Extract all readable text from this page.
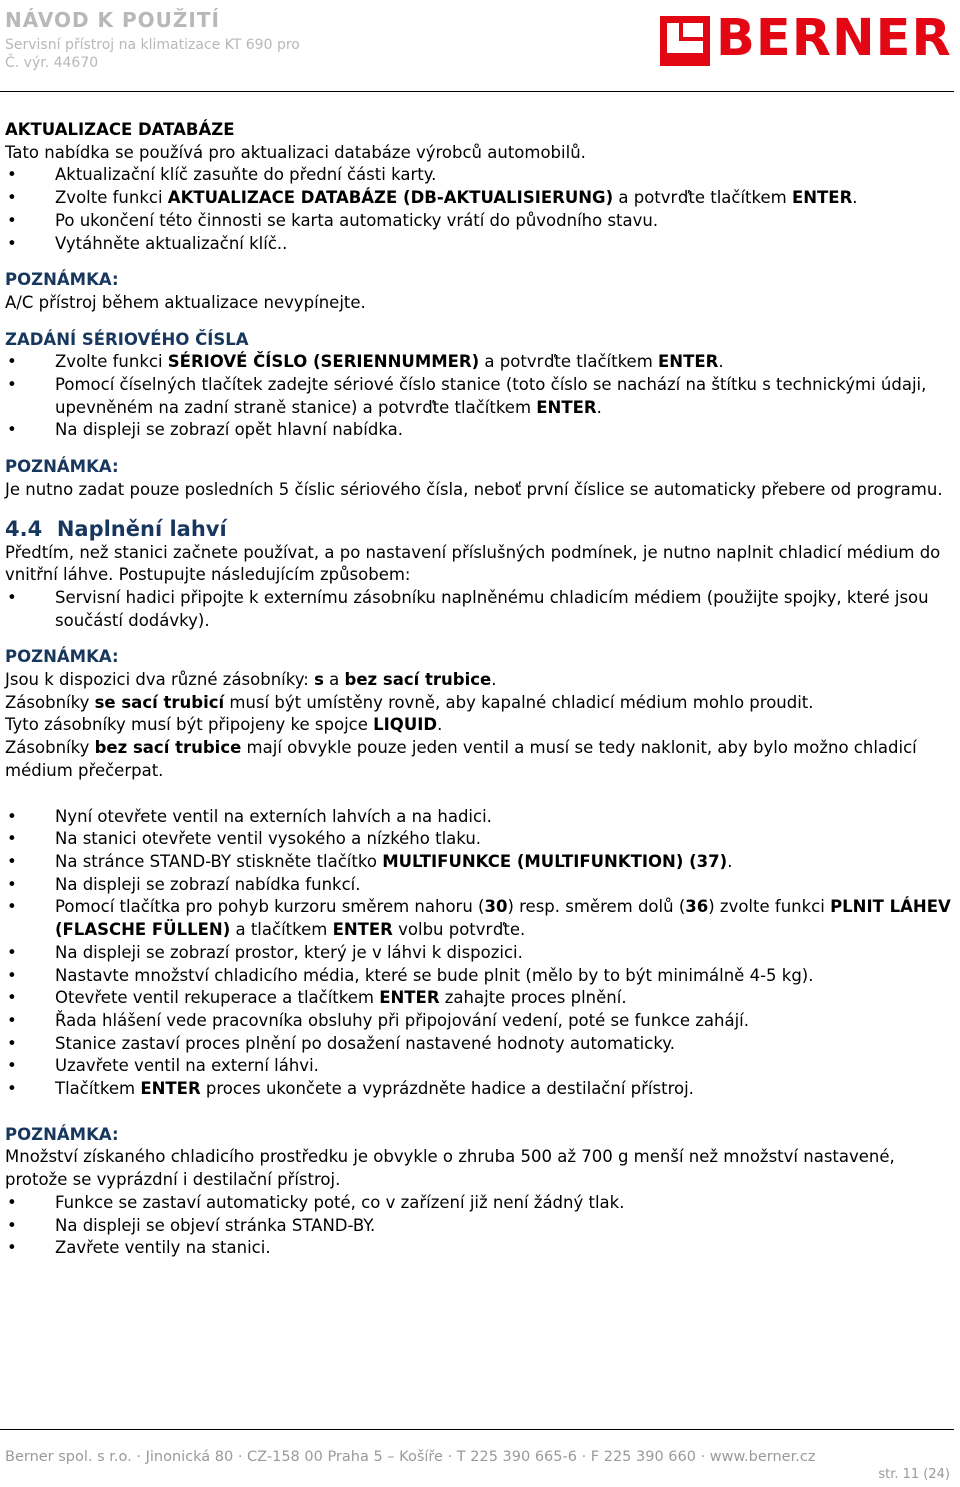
NÁVOD K POUŽITÍ
Servisní přístroj na klimatizace KT 690 pro
Č. výr. 44670	BERNER

AKTUALIZACE DATABÁZE

Tato nabídka se používá pro aktualizaci databáze výrobců automobilů.

• Aktualizační klíč zasuňte do přední části karty.
• Zvolte funkci AKTUALIZACE DATABÁZE (DB-AKTUALISIERUNG) a potvrďte tlačítkem ENTER.
• Po ukončení této činnosti se karta automaticky vrátí do původního stavu.
• Vytáhněte aktualizační klíč..

POZNÁMKA:

A/C přístroj během aktualizace nevypínejte.

ZADÁNÍ SÉRIOVÉHO ČÍSLA

• Zvolte funkci SÉRIOVÉ ČÍSLO (SERIENNUMMER) a potvrďte tlačítkem ENTER.
• Pomocí číselných tlačítek zadejte sériové číslo stanice (toto číslo se nachází na štítku s technickými údaji, upevněném na zadní straně stanice) a potvrďte tlačítkem ENTER.
• Na displeji se zobrazí opět hlavní nabídka.

POZNÁMKA:

Je nutno zadat pouze posledních 5 číslic sériového čísla, neboť první číslice se automaticky přebere od programu.

4.4 Naplnění lahví

Předtím, než stanici začnete používat, a po nastavení příslušných podmínek, je nutno naplnit chladicí médium do vnitřní láhve. Postupujte následujícím způsobem:

• Servisní hadici připojte k externímu zásobníku naplněnému chladicím médiem (použijte spojky, které jsou součástí dodávky).

POZNÁMKA:

Jsou k dispozici dva různé zásobníky: s a bez sací trubice.

Zásobníky se sací trubicí musí být umístěny rovně, aby kapalné chladicí médium mohlo proudit.

Tyto zásobníky musí být připojeny ke spojce LIQUID.

Zásobníky bez sací trubice mají obvykle pouze jeden ventil a musí se tedy naklonit, aby bylo možno chladicí médium přečerpat.

• Nyní otevřete ventil na externích lahvích a na hadici.
• Na stanici otevřete ventil vysokého a nízkého tlaku.
• Na stránce STAND-BY stiskněte tlačítko MULTIFUNKCE (MULTIFUNKTION) (37).
• Na displeji se zobrazí nabídka funkcí.
• Pomocí tlačítka pro pohyb kurzoru směrem nahoru (30) resp. směrem dolů (36) zvolte funkci PLNIT LÁHEV (FLASCHE FÜLLEN) a tlačítkem ENTER volbu potvrďte.
• Na displeji se zobrazí prostor, který je v láhvi k dispozici.
• Nastavte množství chladicího média, které se bude plnit (mělo by to být minimálně 4-5 kg).
• Otevřete ventil rekuperace a tlačítkem ENTER zahajte proces plnění.
• Řada hlášení vede pracovníka obsluhy při připojování vedení, poté se funkce zahájí.
• Stanice zastaví proces plnění po dosažení nastavené hodnoty automaticky.
• Uzavřete ventil na externí láhvi.
• Tlačítkem ENTER proces ukončete a vyprázdněte hadice a destilační přístroj.

POZNÁMKA:

Množství získaného chladicího prostředku je obvykle o zhruba 500 až 700 g menší než množství nastavené, protože se vyprázdní i destilační přístroj.

• Funkce se zastaví automaticky poté, co v zařízení již není žádný tlak.
• Na displeji se objeví stránka STAND-BY.
• Zavřete ventily na stanici.
Berner spol. s r.o. · Jinonická 80 · CZ-158 00 Praha 5 – Košíře · T 225 390 665-6 · F 225 390 660 · www.berner.cz
str. 11 (24)
